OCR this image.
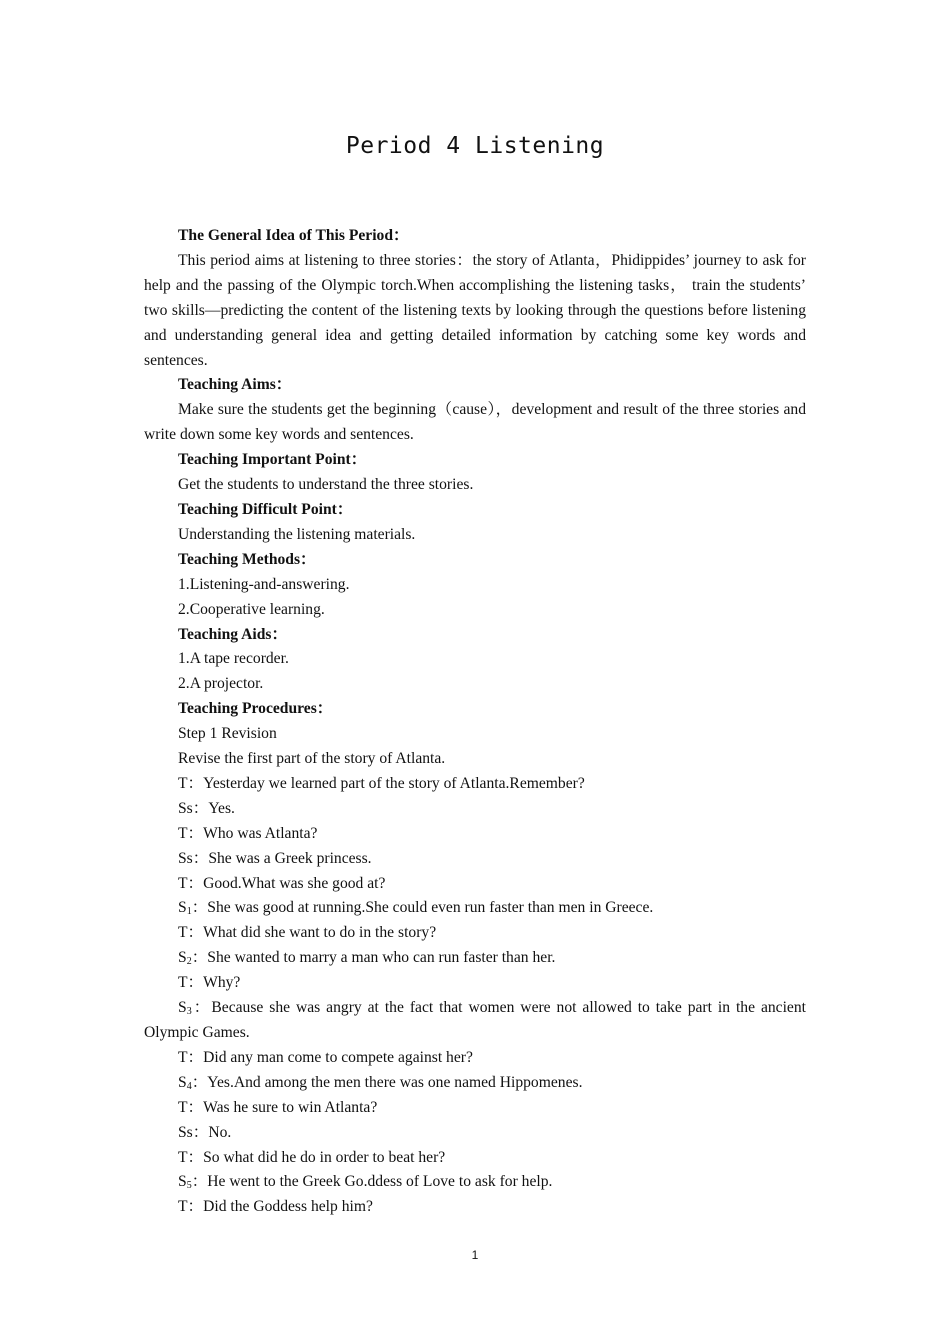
Period 4 Listening

The General Idea of This Period：

This period aims at listening to three stories：the story of Atlanta，Phidippides’ journey to ask for help and the passing of the Olympic torch.When accomplishing the listening tasks， train the students’ two skills—predicting the content of the listening texts by looking through the questions before listening and understanding general idea and getting detailed information by catching some key words and sentences.

Teaching Aims：

Make sure the students get the beginning（cause），development and result of the three stories and write down some key words and sentences.

Teaching Important Point：

Get the students to understand the three stories.

Teaching Difficult Point：

Understanding the listening materials.

Teaching Methods：

1.Listening-and-answering.

2.Cooperative learning.

Teaching Aids：

1.A tape recorder.

2.A projector.

Teaching Procedures：

Step 1 Revision

Revise the first part of the story of Atlanta.

T：Yesterday we learned part of the story of Atlanta.Remember?

Ss：Yes.

T：Who was Atlanta?

Ss：She was a Greek princess.

T：Good.What was she good at?

$S_1$：She was good at running.She could even run faster than men in Greece.

T：What did she want to do in the story?

$S_2$：She wanted to marry a man who can run faster than her.

T：Why?

$S_3$：Because she was angry at the fact that women were not allowed to take part in the ancient Olympic Games.

T：Did any man come to compete against her?

$S_4$：Yes.And among the men there was one named Hippomenes.

T：Was he sure to win Atlanta?

Ss：No.

T：So what did he do in order to beat her?

$S_5$：He went to the Greek Go.ddess of Love to ask for help.

T：Did the Goddess help him?

1
